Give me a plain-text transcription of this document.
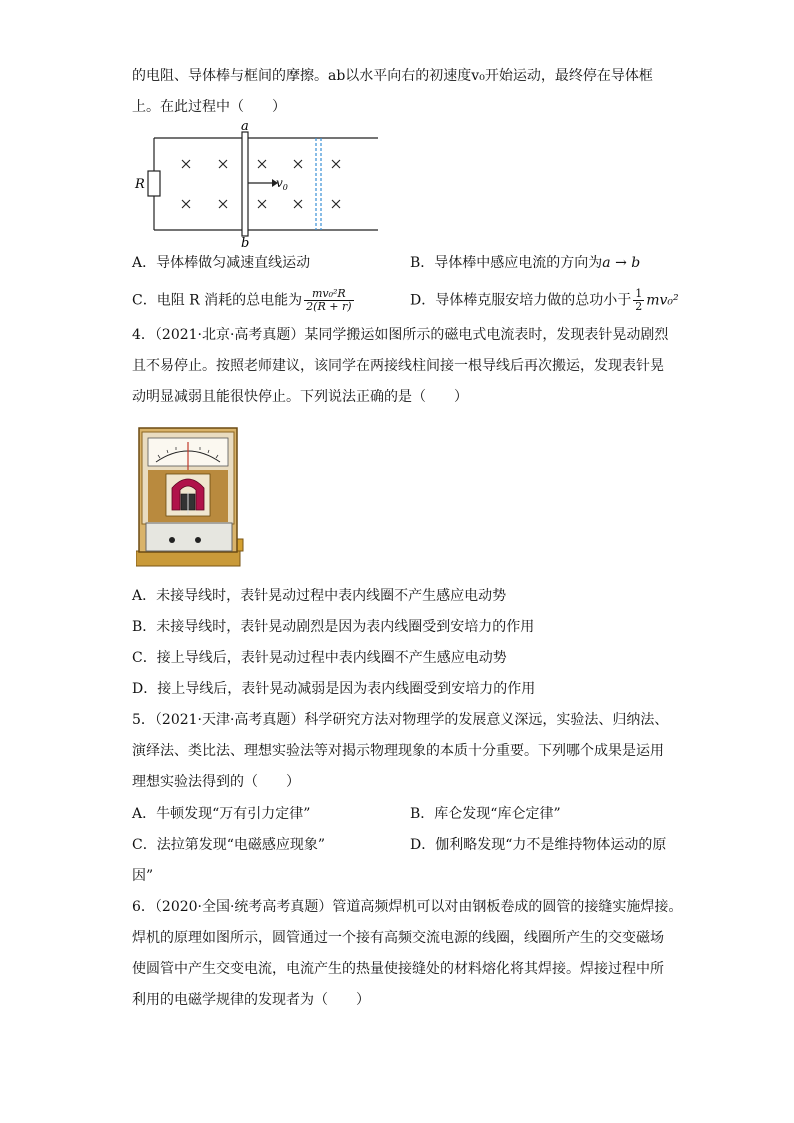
的电阻、导体棒与框间的摩擦。ab以水平向右的初速度v₀开始运动，最终停在导体框
上。在此过程中（　　）
R
a
b
$v_0$
A．导体棒做匀减速直线运动	B．导体棒中感应电流的方向为a → b
C．电阻 R 消耗的总电能为 $\frac{\text{mv₀²R}}{2(R + r)}$	D．导体棒克服安培力做的总功小于 $\frac{1}{2} mv_0^2$
4．（2021·北京·高考真题）某同学搬运如图所示的磁电式电流表时，发现表针晃动剧烈
且不易停止。按照老师建议，该同学在两接线柱间接一根导线后再次搬运，发现表针晃
动明显减弱且能很快停止。下列说法正确的是（　　）
A．未接导线时，表针晃动过程中表内线圈不产生感应电动势
B．未接导线时，表针晃动剧烈是因为表内线圈受到安培力的作用
C．接上导线后，表针晃动过程中表内线圈不产生感应电动势
D．接上导线后，表针晃动减弱是因为表内线圈受到安培力的作用
5．（2021·天津·高考真题）科学研究方法对物理学的发展意义深远，实验法、归纳法、
演绎法、类比法、理想实验法等对揭示物理现象的本质十分重要。下列哪个成果是运用
理想实验法得到的（　　）
A．牛顿发现“万有引力定律”	B．库仑发现“库仑定律”
C．法拉第发现“电磁感应现象”	D．伽利略发现“力不是维持物体运动的原
因”
6．（2020·全国·统考高考真题）管道高频焊机可以对由钢板卷成的圆管的接缝实施焊接。
焊机的原理如图所示，圆管通过一个接有高频交流电源的线圈，线圈所产生的交变磁场
使圆管中产生交变电流，电流产生的热量使接缝处的材料熔化将其焊接。焊接过程中所
利用的电磁学规律的发现者为（　　）
